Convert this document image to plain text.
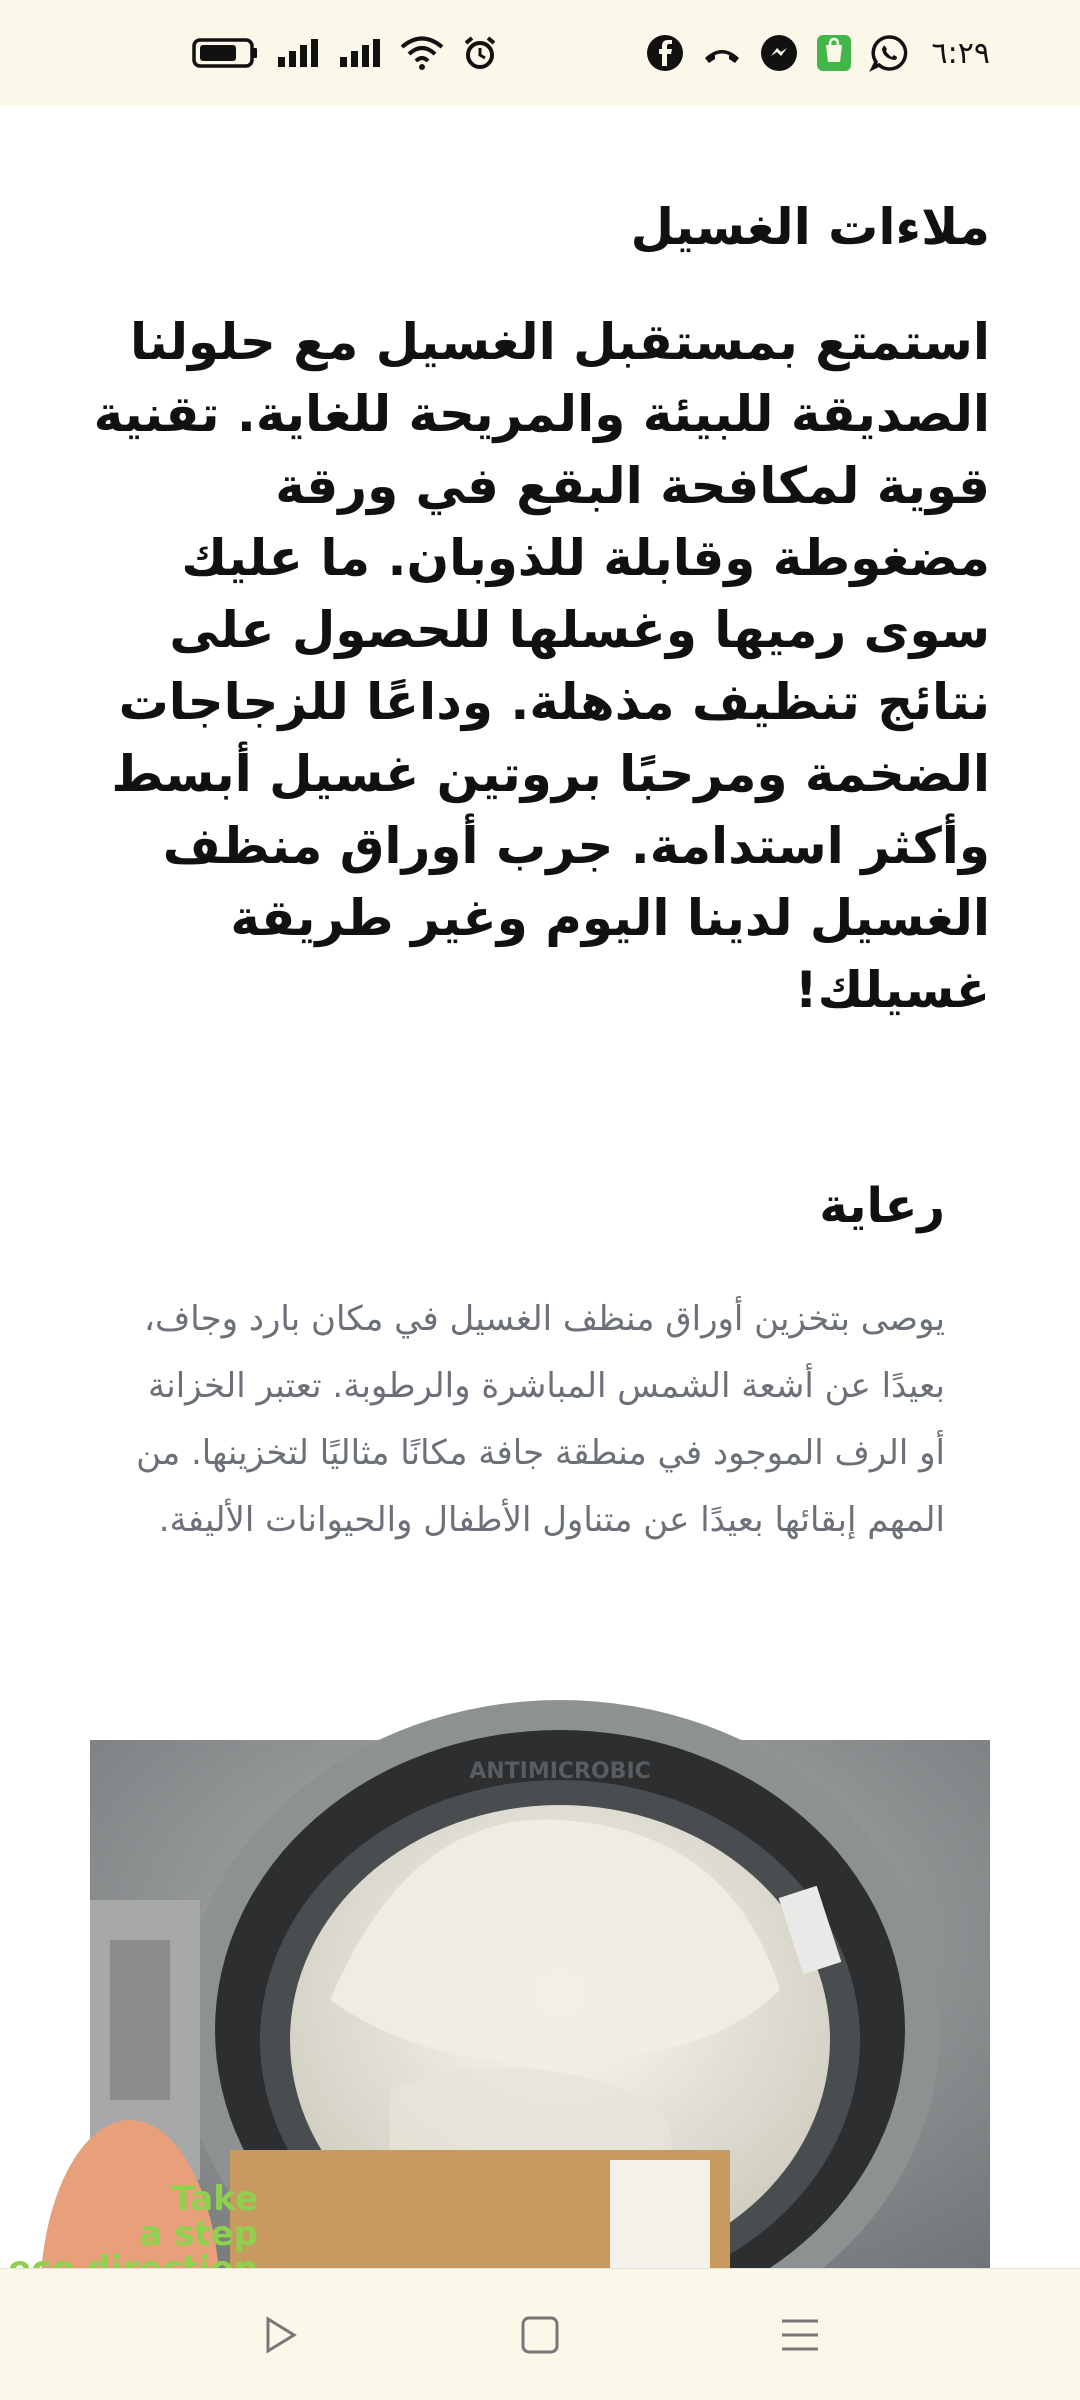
٦:٢٩
ملاءات الغسيل

استمتع بمستقبل الغسيل مع حلولنا الصديقة للبيئة والمريحة للغاية. تقنية قوية لمكافحة البقع في ورقة مضغوطة وقابلة للذوبان. ما عليك سوى رميها وغسلها للحصول على نتائج تنظيف مذهلة. وداعًا للزجاجات الضخمة ومرحبًا بروتين غسيل أبسط وأكثر استدامة. جرب أوراق منظف الغسيل لدينا اليوم وغير طريقة غسيلك!

رعاية

يوصى بتخزين أوراق منظف الغسيل في مكان بارد وجاف، بعيدًا عن أشعة الشمس المباشرة والرطوبة. تعتبر الخزانة أو الرف الموجود في منطقة جافة مكانًا مثاليًا لتخزينها. من المهم إبقائها بعيدًا عن متناول الأطفال والحيوانات الأليفة.

ANTIMICROBIC
Take
a step
